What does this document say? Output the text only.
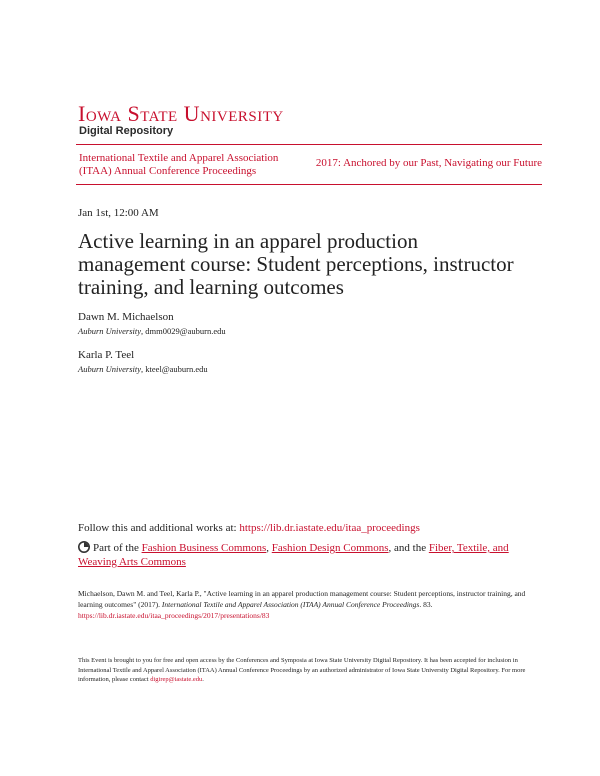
Iowa State University
Digital Repository
International Textile and Apparel Association (ITAA) Annual Conference Proceedings
2017: Anchored by our Past, Navigating our Future
Jan 1st, 12:00 AM
Active learning in an apparel production management course: Student perceptions, instructor training, and learning outcomes
Dawn M. Michaelson
Auburn University, dmm0029@auburn.edu
Karla P. Teel
Auburn University, kteel@auburn.edu
Follow this and additional works at: https://lib.dr.iastate.edu/itaa_proceedings
Part of the Fashion Business Commons, Fashion Design Commons, and the Fiber, Textile, and Weaving Arts Commons
Michaelson, Dawn M. and Teel, Karla P., "Active learning in an apparel production management course: Student perceptions, instructor training, and learning outcomes" (2017). International Textile and Apparel Association (ITAA) Annual Conference Proceedings. 83.
https://lib.dr.iastate.edu/itaa_proceedings/2017/presentations/83
This Event is brought to you for free and open access by the Conferences and Symposia at Iowa State University Digital Repository. It has been accepted for inclusion in International Textile and Apparel Association (ITAA) Annual Conference Proceedings by an authorized administrator of Iowa State University Digital Repository. For more information, please contact digirep@iastate.edu.
